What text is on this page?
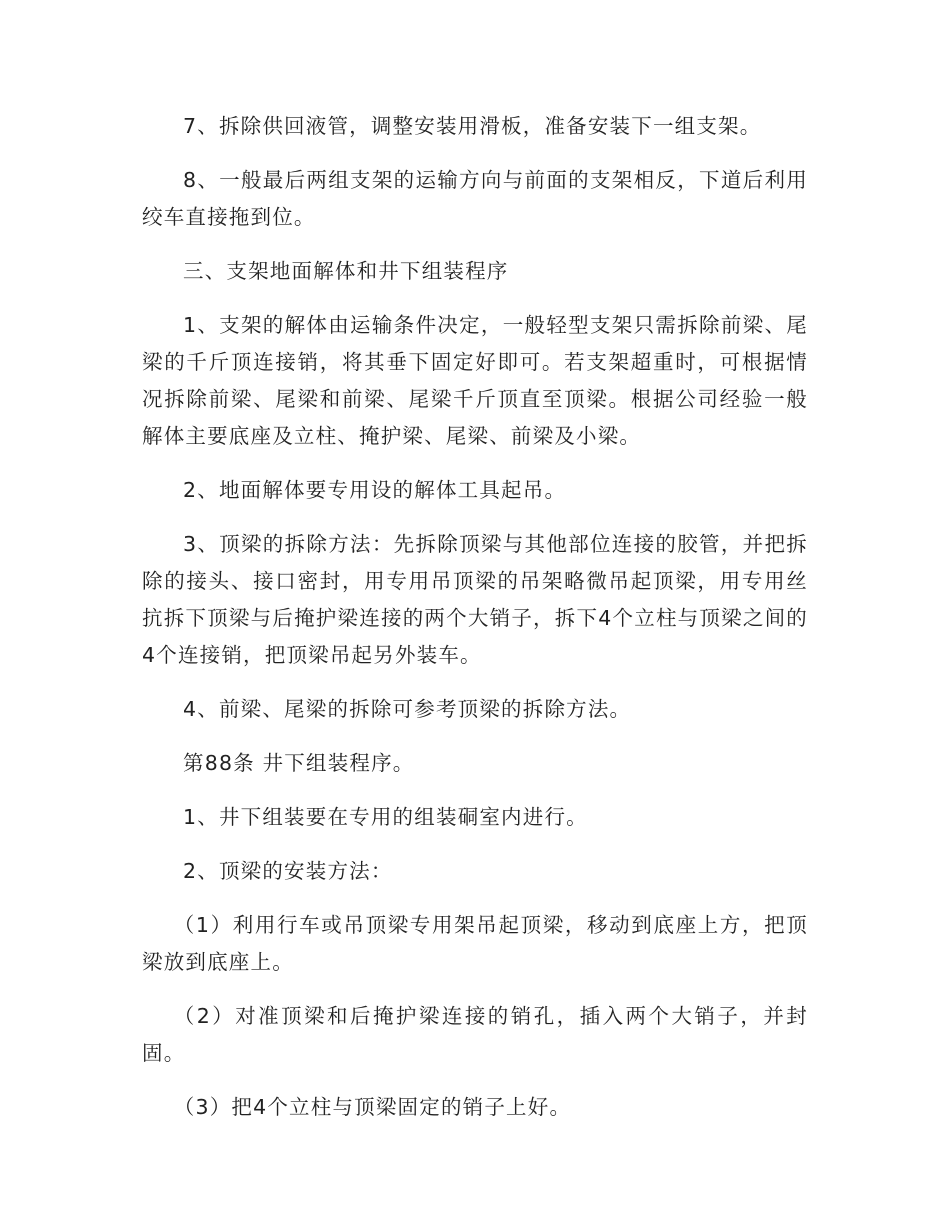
7、拆除供回液管，调整安装用滑板，准备安装下一组支架。

8、一般最后两组支架的运输方向与前面的支架相反，下道后利用绞车直接拖到位。

三、支架地面解体和井下组装程序

1、支架的解体由运输条件决定，一般轻型支架只需拆除前梁、尾梁的千斤顶连接销，将其垂下固定好即可。若支架超重时，可根据情况拆除前梁、尾梁和前梁、尾梁千斤顶直至顶梁。根据公司经验一般解体主要底座及立柱、掩护梁、尾梁、前梁及小梁。

2、地面解体要专用设的解体工具起吊。

3、顶梁的拆除方法：先拆除顶梁与其他部位连接的胶管，并把拆除的接头、接口密封，用专用吊顶梁的吊架略微吊起顶梁，用专用丝抗拆下顶梁与后掩护梁连接的两个大销子，拆下4个立柱与顶梁之间的4个连接销，把顶梁吊起另外装车。

4、前梁、尾梁的拆除可参考顶梁的拆除方法。

第88条 井下组装程序。

1、井下组装要在专用的组装硐室内进行。

2、顶梁的安装方法：

（1）利用行车或吊顶梁专用架吊起顶梁，移动到底座上方，把顶梁放到底座上。

（2）对准顶梁和后掩护梁连接的销孔，插入两个大销子，并封固。

（3）把4个立柱与顶梁固定的销子上好。
